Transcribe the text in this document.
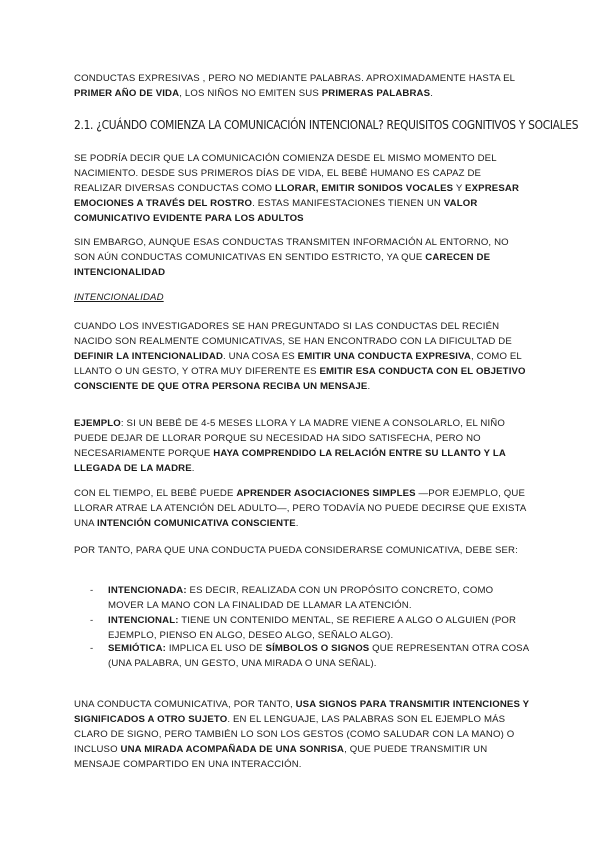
CONDUCTAS EXPRESIVAS , PERO NO MEDIANTE PALABRAS. APROXIMADAMENTE HASTA EL PRIMER AÑO DE VIDA, LOS NIÑOS NO EMITEN SUS PRIMERAS PALABRAS.

2.1. ¿CUÁNDO COMIENZA LA COMUNICACIÓN INTENCIONAL? REQUISITOS COGNITIVOS Y SOCIALES

SE PODRÍA DECIR QUE LA COMUNICACIÓN COMIENZA DESDE EL MISMO MOMENTO DEL NACIMIENTO. DESDE SUS PRIMEROS DÍAS DE VIDA, EL BEBÉ HUMANO ES CAPAZ DE REALIZAR DIVERSAS CONDUCTAS COMO LLORAR, EMITIR SONIDOS VOCALES Y EXPRESAR EMOCIONES A TRAVÉS DEL ROSTRO. ESTAS MANIFESTACIONES TIENEN UN VALOR COMUNICATIVO EVIDENTE PARA LOS ADULTOS

SIN EMBARGO, AUNQUE ESAS CONDUCTAS TRANSMITEN INFORMACIÓN AL ENTORNO, NO SON AÚN CONDUCTAS COMUNICATIVAS EN SENTIDO ESTRICTO, YA QUE CARECEN DE INTENCIONALIDAD

INTENCIONALIDAD

CUANDO LOS INVESTIGADORES SE HAN PREGUNTADO SI LAS CONDUCTAS DEL RECIÉN NACIDO SON REALMENTE COMUNICATIVAS, SE HAN ENCONTRADO CON LA DIFICULTAD DE DEFINIR LA INTENCIONALIDAD. UNA COSA ES EMITIR UNA CONDUCTA EXPRESIVA, COMO EL LLANTO O UN GESTO, Y OTRA MUY DIFERENTE ES EMITIR ESA CONDUCTA CON EL OBJETIVO CONSCIENTE DE QUE OTRA PERSONA RECIBA UN MENSAJE.

EJEMPLO: SI UN BEBÉ DE 4-5 MESES LLORA Y LA MADRE VIENE A CONSOLARLO, EL NIÑO PUEDE DEJAR DE LLORAR PORQUE SU NECESIDAD HA SIDO SATISFECHA, PERO NO NECESARIAMENTE PORQUE HAYA COMPRENDIDO LA RELACIÓN ENTRE SU LLANTO Y LA LLEGADA DE LA MADRE.

CON EL TIEMPO, EL BEBÉ PUEDE APRENDER ASOCIACIONES SIMPLES —POR EJEMPLO, QUE LLORAR ATRAE LA ATENCIÓN DEL ADULTO—, PERO TODAVÍA NO PUEDE DECIRSE QUE EXISTA UNA INTENCIÓN COMUNICATIVA CONSCIENTE.

POR TANTO, PARA QUE UNA CONDUCTA PUEDA CONSIDERARSE COMUNICATIVA, DEBE SER:

-	INTENCIONADA: ES DECIR, REALIZADA CON UN PROPÓSITO CONCRETO, COMO MOVER LA MANO CON LA FINALIDAD DE LLAMAR LA ATENCIÓN.
-	INTENCIONAL: TIENE UN CONTENIDO MENTAL, SE REFIERE A ALGO O ALGUIEN (POR EJEMPLO, PIENSO EN ALGO, DESEO ALGO, SEÑALO ALGO).
-	SEMIÓTICA: IMPLICA EL USO DE SÍMBOLOS O SIGNOS QUE REPRESENTAN OTRA COSA (UNA PALABRA, UN GESTO, UNA MIRADA O UNA SEÑAL).

UNA CONDUCTA COMUNICATIVA, POR TANTO, USA SIGNOS PARA TRANSMITIR INTENCIONES Y SIGNIFICADOS A OTRO SUJETO. EN EL LENGUAJE, LAS PALABRAS SON EL EJEMPLO MÁS CLARO DE SIGNO, PERO TAMBIÉN LO SON LOS GESTOS (COMO SALUDAR CON LA MANO) O INCLUSO UNA MIRADA ACOMPAÑADA DE UNA SONRISA, QUE PUEDE TRANSMITIR UN MENSAJE COMPARTIDO EN UNA INTERACCIÓN.
